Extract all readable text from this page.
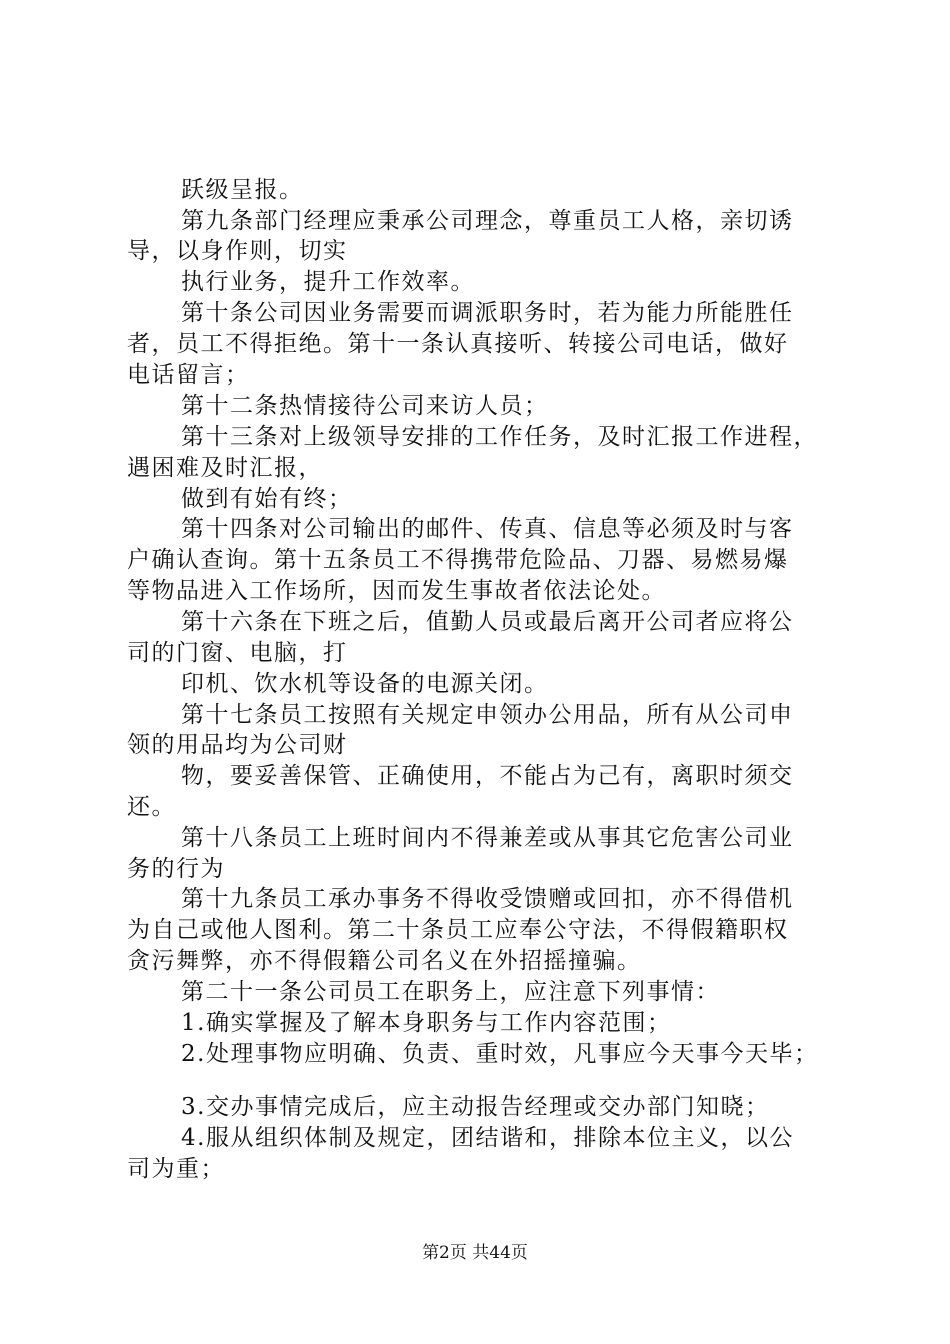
跃级呈报。
第九条部门经理应秉承公司理念，尊重员工人格，亲切诱
导，以身作则，切实
执行业务，提升工作效率。
第十条公司因业务需要而调派职务时，若为能力所能胜任
者，员工不得拒绝。第十一条认真接听、转接公司电话，做好
电话留言；
第十二条热情接待公司来访人员；
第十三条对上级领导安排的工作任务，及时汇报工作进程，
遇困难及时汇报，
做到有始有终；
第十四条对公司输出的邮件、传真、信息等必须及时与客
户确认查询。第十五条员工不得携带危险品、刀器、易燃易爆
等物品进入工作场所，因而发生事故者依法论处。
第十六条在下班之后，值勤人员或最后离开公司者应将公
司的门窗、电脑，打
印机、饮水机等设备的电源关闭。
第十七条员工按照有关规定申领办公用品，所有从公司申
领的用品均为公司财
物，要妥善保管、正确使用，不能占为己有，离职时须交
还。
第十八条员工上班时间内不得兼差或从事其它危害公司业
务的行为
第十九条员工承办事务不得收受馈赠或回扣，亦不得借机
为自己或他人图利。第二十条员工应奉公守法，不得假籍职权
贪污舞弊，亦不得假籍公司名义在外招摇撞骗。
第二十一条公司员工在职务上，应注意下列事情：
1.确实掌握及了解本身职务与工作内容范围；
2.处理事物应明确、负责、重时效，凡事应今天事今天毕；
3.交办事情完成后，应主动报告经理或交办部门知晓；
4.服从组织体制及规定，团结谐和，排除本位主义，以公
司为重；
第2页 共44页
